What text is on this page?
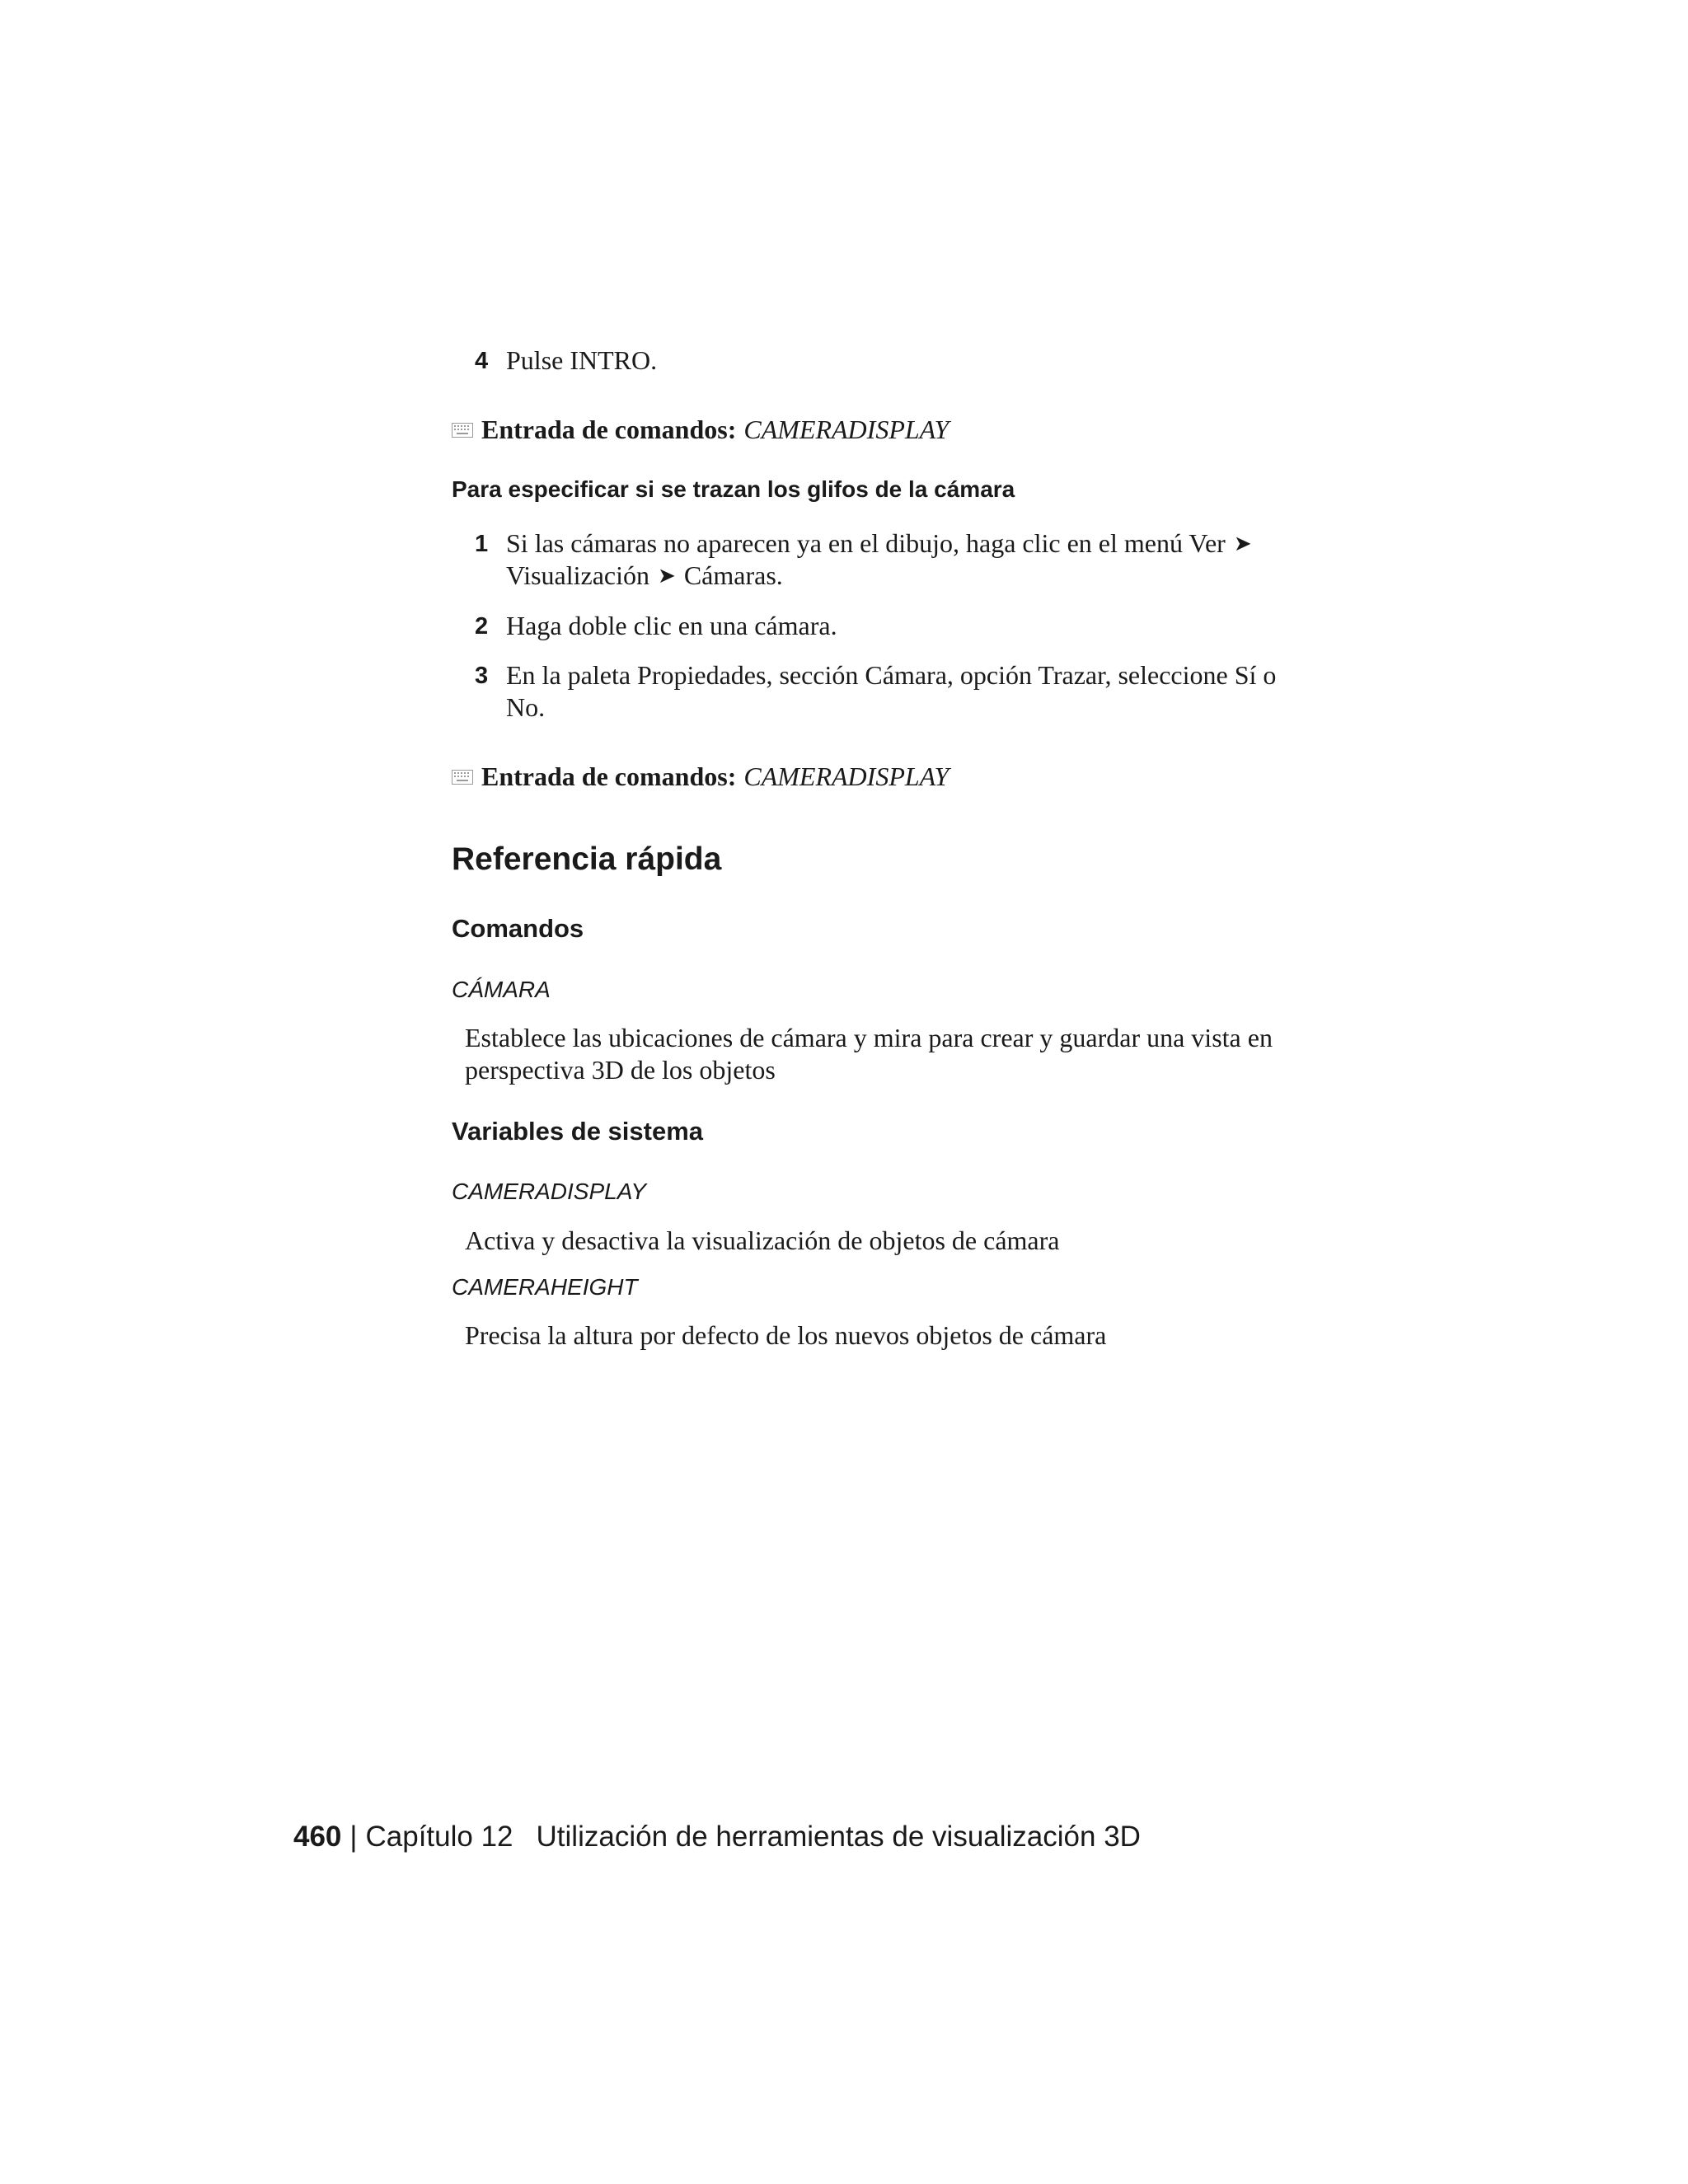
4 Pulse INTRO.
Entrada de comandos: CAMERADISPLAY
Para especificar si se trazan los glifos de la cámara
1 Si las cámaras no aparecen ya en el dibujo, haga clic en el menú Ver ➤
Visualización ➤ Cámaras.
2 Haga doble clic en una cámara.
3 En la paleta Propiedades, sección Cámara, opción Trazar, seleccione Sí o
No.
Entrada de comandos: CAMERADISPLAY
Referencia rápida
Comandos
CÁMARA
Establece las ubicaciones de cámara y mira para crear y guardar una vista en
perspectiva 3D de los objetos
Variables de sistema
CAMERADISPLAY
Activa y desactiva la visualización de objetos de cámara
CAMERAHEIGHT
Precisa la altura por defecto de los nuevos objetos de cámara
460 | Capítulo 12 Utilización de herramientas de visualización 3D
